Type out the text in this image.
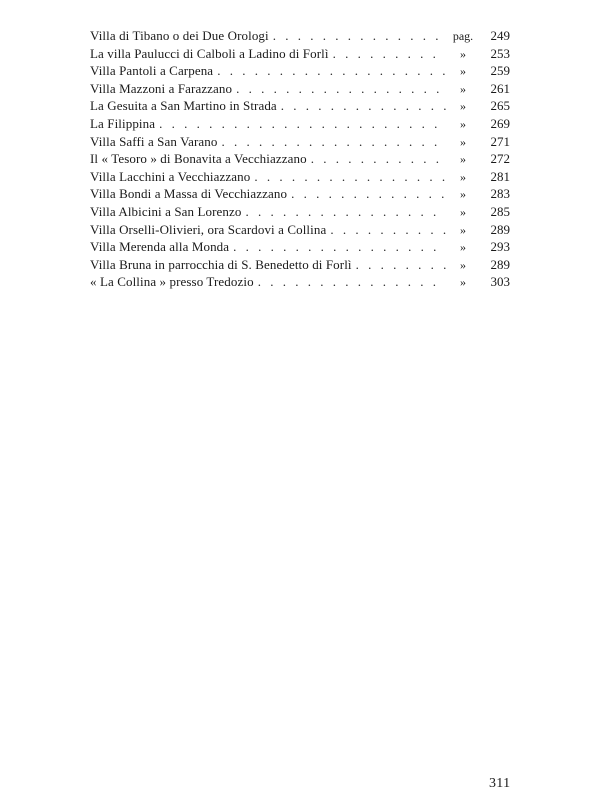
Villa di Tibano o dei Due Orologi . . .	pag.	249
La villa Paulucci di Calboli a Ladino di Forlì . . .	»	253
Villa Pantoli a Carpena . . .	»	259
Villa Mazzoni a Farazzano . . .	»	261
La Gesuita a San Martino in Strada . . .	»	265
La Filippina . . .	»	269
Villa Saffi a San Varano . . .	»	271
Il « Tesoro » di Bonavita a Vecchiazzano . . .	»	272
Villa Lacchini a Vecchiazzano . . .	»	281
Villa Bondi a Massa di Vecchiazzano . . .	»	283
Villa Albicini a San Lorenzo . . .	»	285
Villa Orselli-Olivieri, ora Scardovi a Collina . . .	»	289
Villa Merenda alla Monda . . .	»	293
Villa Bruna in parrocchia di S. Benedetto di Forlì . . .	»	289
« La Collina » presso Tredozio . . .	»	303
311
